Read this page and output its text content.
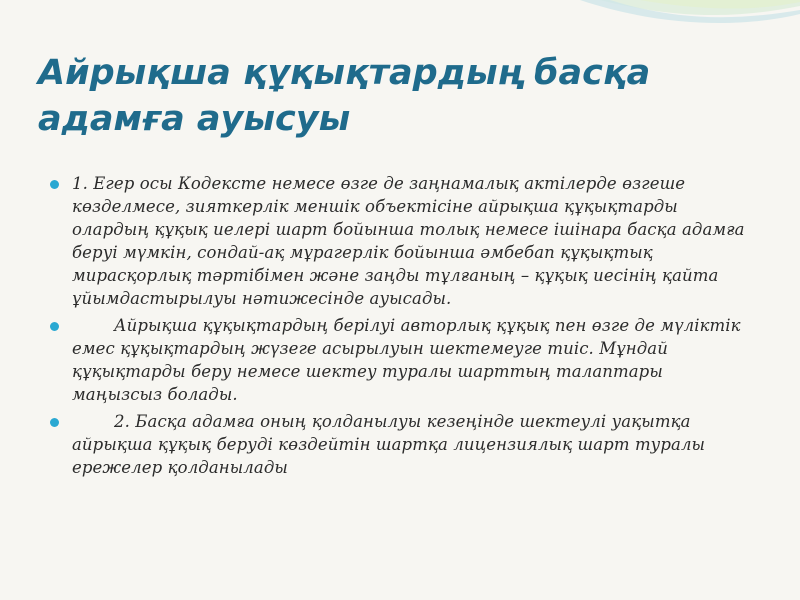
Айрықша құқықтардың басқа адамға ауысуы
1. Егер осы Кодексте немесе өзге де заңнамалық актілерде өзгеше көзделмесе, зияткерлік меншік объектісіне айрықша құқықтарды олардың құқық иелері шарт бойынша толық немесе ішінара басқа адамға беруі мүмкін, сондай-ақ мұрагерлік бойынша әмбебап құқықтық мирасқорлық тәртібімен және заңды тұлғаның – құқық иесінің қайта ұйымдастырылуы нәтижесінде ауысады.
Айрықша құқықтардың берілуі авторлық құқық пен өзге де мүліктік емес құқықтардың жүзеге асырылуын шектемеуге тиіс. Мұндай құқықтарды беру немесе шектеу туралы шарттың талаптары маңызсыз болады.
2. Басқа адамға оның қолданылуы кезеңінде шектеулі уақытқа айрықша құқық беруді көздейтін шартқа лицензиялық шарт туралы ережелер қолданылады
